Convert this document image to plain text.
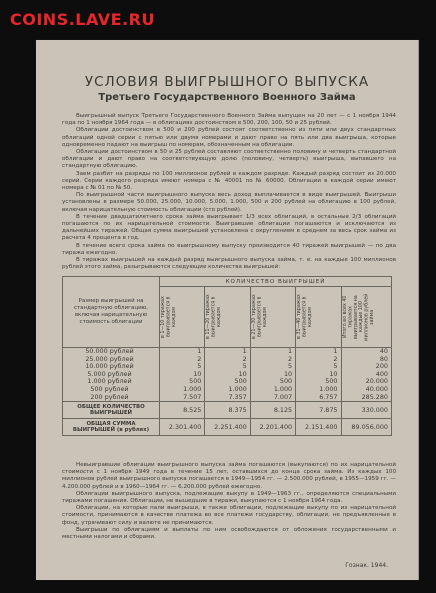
COINS.LAVE.RU
УСЛОВИЯ ВЫИГРЫШНОГО ВЫПУСКА
Третьего Государственного Военного Займа
Выигрышный выпуск Третьего Государственного Военного Займа выпущен на 20 лет — с 1 ноября 1944 года по 1 ноября 1964 года — в облигациях достоинством в 500, 200, 100, 50 и 25 рублей.
Облигации достоинством в 500 и 200 рублей состоят соответственно из пяти или двух стандартных облигаций одной серии с пятью или двумя номерами и дают право на пять или два выигрыша, которые одновременно падают на выигрыш по номерам, обозначенным на облигации.
Облигации достоинством в 50 и 25 рублей составляют соответственно половину и четверть стандартной облигации и дают право на соответствующую долю (половину, четверть) выигрыша, выпавшего на стандартную облигацию.
Заем разбит на разряды по 100 миллионов рублей в каждом разряде. Каждый разряд состоит из 20.000 серий. Серии каждого разряда имеют номера с № 40001 по № 60000. Облигации в каждой серии имеют номера с № 01 по № 50.
По выигрышной части выигрышного выпуска весь доход выплачивается в виде выигрышей. Выигрыши установлены в размере 50.000, 25.000, 10.000, 5.000, 1.000, 500 и 200 рублей на облигацию в 100 рублей, включая нарицательную стоимость облигации (сто рублей).
В течение двадцатилетнего срока займа выигрывает 1/3 всех облигаций, в остальные 2/3 облигаций погашаются по их нарицательной стоимости. Выигравшие облигации погашаются и исключаются из дальнейших тиражей. Общая сумма выигрышей установлена с округлением в среднем за весь срок займа из расчета 4 процента в год.
В течение всего срока займа по выигрышному выпуску производится 40 тиражей выигрышей — по два тиража ежегодно.
В тиражах выигрышей на каждый разряд выигрышного выпуска займа, т. е. на каждые 100 миллионов рублей этого займа, разыгрываются следующие количества выигрышей:
Размер выигрышей на стандартную облигацию, включая нарицательную стоимость облигации	КОЛИЧЕСТВО ВЫИГРЫШЕЙ				

	в 1—10 тиражах выигрывается в каждом	в 11—20 тиражах выигрывается в каждом	в 21—30 тиражах выигрывается в каждом	в 31—40 тиражах выигрывается в каждом	Итого во всех 40 тиражах выигрывается на каждые 100 миллионов рублей займа

50.000 рублей	1	1	1	1	40
25.000 рублей	2	2	2	2	80
10.000 рублей	5	5	5	5	200
5.000 рублей	10	10	10	10	400
1.000 рублей	500	500	500	500	20.000
500 рублей	1.000	1.000	1.000	1.000	40.000
200 рублей	7.507	7.357	7.007	6.757	285.280
ОБЩЕЕ КОЛИЧЕСТВО ВЫИГРЫШЕЙ	8.525	8.375	8.125	7.875	330.000
ОБЩАЯ СУММА ВЫИГРЫШЕЙ (в рублях)	2.301.400	2.251.400	2.201.400	2.151.400	89.056.000
Невыигравшие облигации выигрышного выпуска займа погашаются (выкупаются) по их нарицательной стоимости с 1 ноября 1949 года в течение 15 лет, оставшихся до конца срока займа. Из каждых 100 миллионов рублей выигрышного выпуска погашается в 1949—1954 гг. — 2.500.000 рублей, в 1955—1959 гг. — 4.200.000 рублей и в 1960—1964 гг. — 6.200.000 рублей ежегодно.
Облигации выигрышного выпуска, подлежащие выкупу в 1949—1963 гг., определяются специальными тиражами погашения. Облигации, не вышедшие в тиражи, выкупаются с 1 ноября 1964 года.
Облигации, на которые пали выигрыши, в также облигации, подлежащие выкупу по их нарицательной стоимости, принимаются в качестве платежа во все платежи государству, облигации, не предъявленные в фонд, утрачивают силу и валюте не принимаются.
Выигрыши по облигациям и выплаты по ним освобождаются от обложения государственными и местными налогами и сборами.
Гознак. 1944.
